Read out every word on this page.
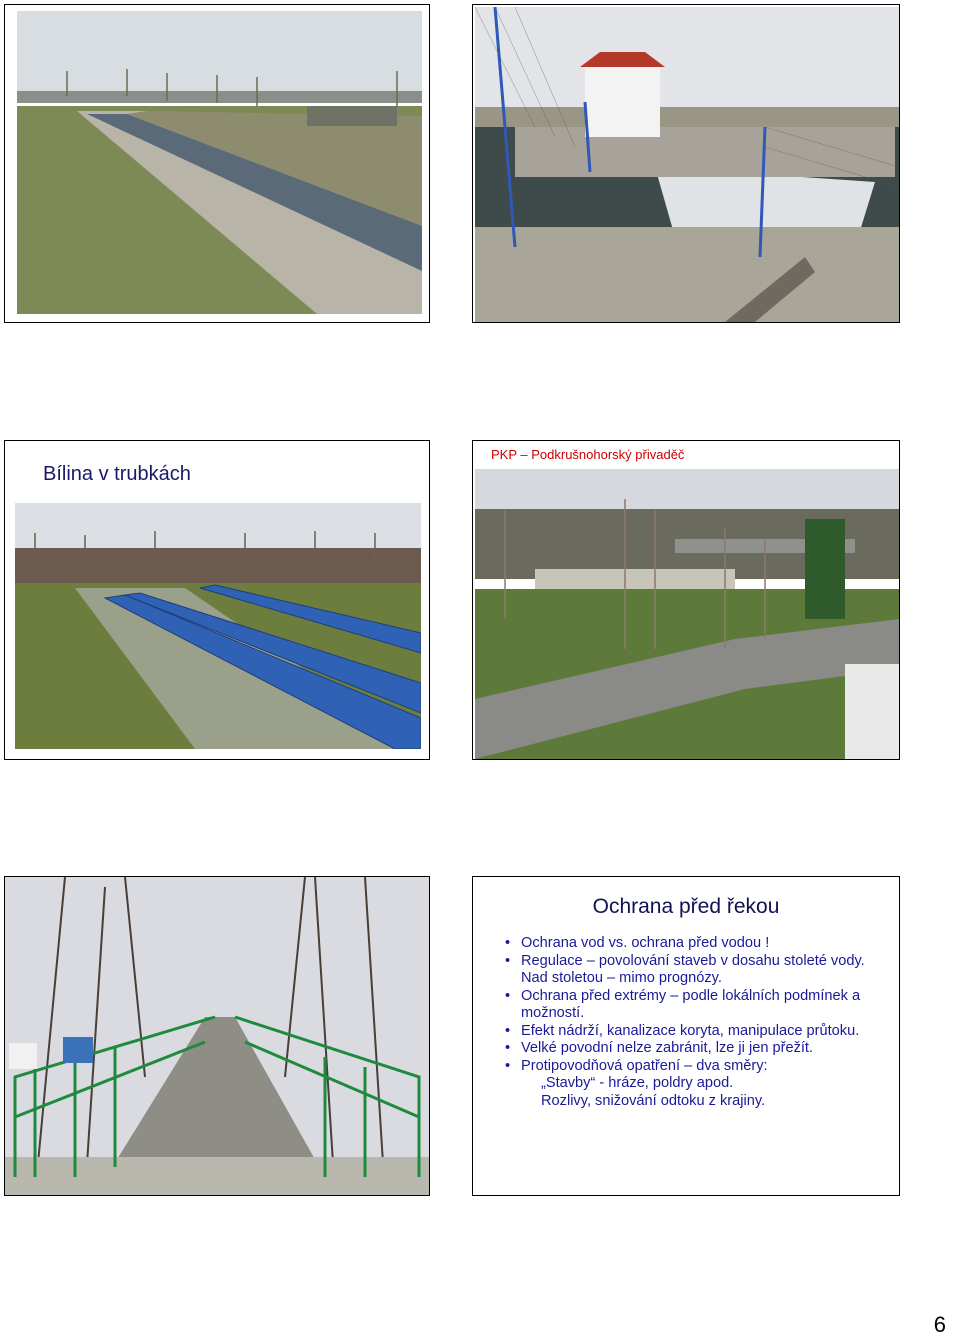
Bílina v trubkách
PKP – Podkrušnohorský přivaděč
Ochrana před řekou
• Ochrana vod vs. ochrana před vodou !
• Regulace – povolování staveb v dosahu stoleté vody. Nad stoletou – mimo prognózy.
• Ochrana před extrémy – podle lokálních podmínek a možností.
• Efekt nádrží, kanalizace koryta, manipulace průtoku.
• Velké povodní nelze zabránit, lze ji jen přežít.
• Protipovodňová opatření – dva směry:
„Stavby“ - hráze, poldry apod.
Rozlivy, snižování odtoku z krajiny.
6
